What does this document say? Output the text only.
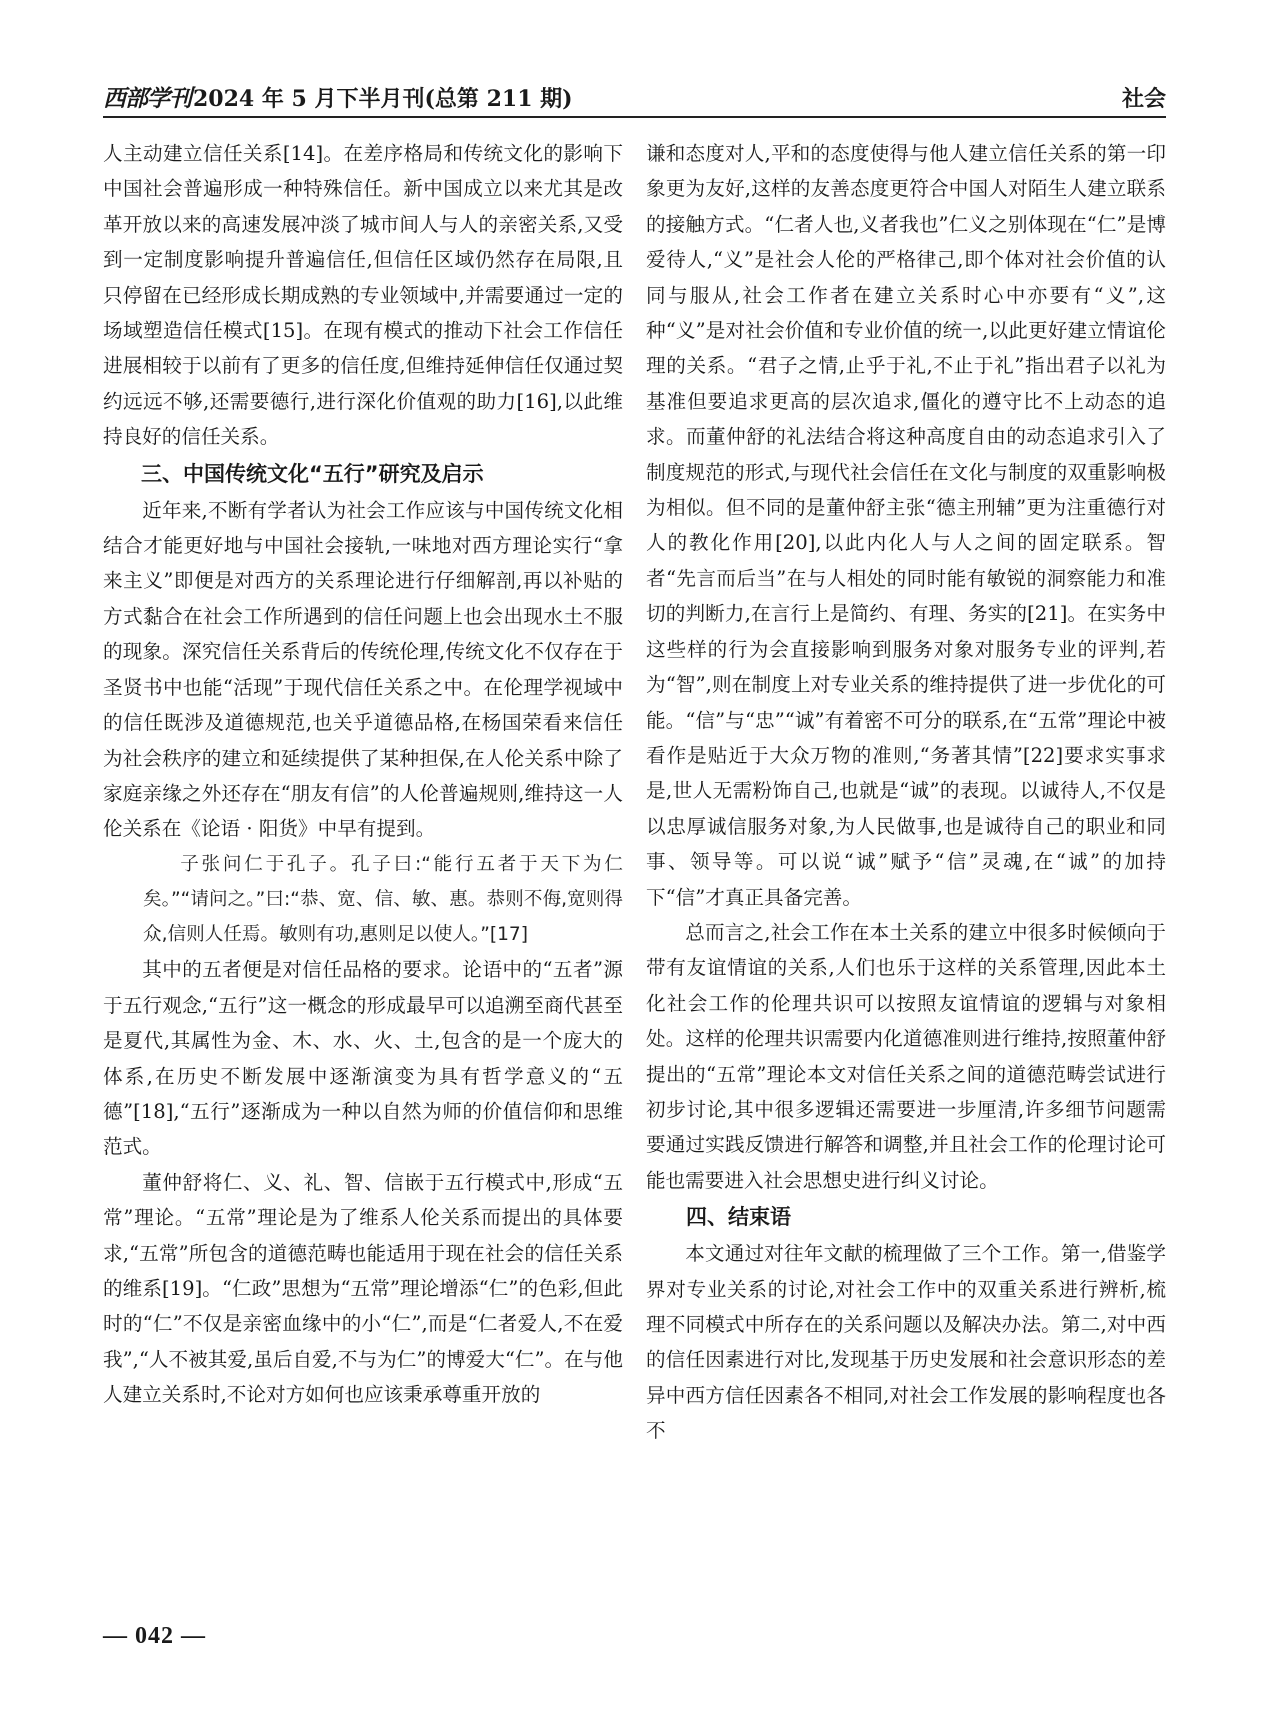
西部学刊2024 年 5 月下半月刊(总第 211 期)	社会

人主动建立信任关系[14]。在差序格局和传统文化的影响下中国社会普遍形成一种特殊信任。新中国成立以来尤其是改革开放以来的高速发展冲淡了城市间人与人的亲密关系,又受到一定制度影响提升普遍信任,但信任区域仍然存在局限,且只停留在已经形成长期成熟的专业领域中,并需要通过一定的场域塑造信任模式[15]。在现有模式的推动下社会工作信任进展相较于以前有了更多的信任度,但维持延伸信任仅通过契约远远不够,还需要德行,进行深化价值观的助力[16],以此维持良好的信任关系。

三、中国传统文化“五行”研究及启示

近年来,不断有学者认为社会工作应该与中国传统文化相结合才能更好地与中国社会接轨,一味地对西方理论实行“拿来主义”即便是对西方的关系理论进行仔细解剖,再以补贴的方式黏合在社会工作所遇到的信任问题上也会出现水土不服的现象。深究信任关系背后的传统伦理,传统文化不仅存在于圣贤书中也能“活现”于现代信任关系之中。在伦理学视域中的信任既涉及道德规范,也关乎道德品格,在杨国荣看来信任为社会秩序的建立和延续提供了某种担保,在人伦关系中除了家庭亲缘之外还存在“朋友有信”的人伦普遍规则,维持这一人伦关系在《论语 · 阳货》中早有提到。

子张问仁于孔子。孔子曰:“能行五者于天下为仁矣。”“请问之。”曰:“恭、宽、信、敏、惠。恭则不侮,宽则得众,信则人任焉。敏则有功,惠则足以使人。”[17]

其中的五者便是对信任品格的要求。论语中的“五者”源于五行观念,“五行”这一概念的形成最早可以追溯至商代甚至是夏代,其属性为金、木、水、火、土,包含的是一个庞大的体系,在历史不断发展中逐渐演变为具有哲学意义的“五德”[18],“五行”逐渐成为一种以自然为师的价值信仰和思维范式。

董仲舒将仁、义、礼、智、信嵌于五行模式中,形成“五常”理论。“五常”理论是为了维系人伦关系而提出的具体要求,“五常”所包含的道德范畴也能适用于现在社会的信任关系的维系[19]。“仁政”思想为“五常”理论增添“仁”的色彩,但此时的“仁”不仅是亲密血缘中的小“仁”,而是“仁者爱人,不在爱我”,“人不被其爱,虽后自爱,不与为仁”的博爱大“仁”。在与他人建立关系时,不论对方如何也应该秉承尊重开放的

谦和态度对人,平和的态度使得与他人建立信任关系的第一印象更为友好,这样的友善态度更符合中国人对陌生人建立联系的接触方式。“仁者人也,义者我也”仁义之别体现在“仁”是博爱待人,“义”是社会人伦的严格律己,即个体对社会价值的认同与服从,社会工作者在建立关系时心中亦要有“义”,这种“义”是对社会价值和专业价值的统一,以此更好建立情谊伦理的关系。“君子之情,止乎于礼,不止于礼”指出君子以礼为基准但要追求更高的层次追求,僵化的遵守比不上动态的追求。而董仲舒的礼法结合将这种高度自由的动态追求引入了制度规范的形式,与现代社会信任在文化与制度的双重影响极为相似。但不同的是董仲舒主张“德主刑辅”更为注重德行对人的教化作用[20],以此内化人与人之间的固定联系。智者“先言而后当”在与人相处的同时能有敏锐的洞察能力和准切的判断力,在言行上是简约、有理、务实的[21]。在实务中这些样的行为会直接影响到服务对象对服务专业的评判,若为“智”,则在制度上对专业关系的维持提供了进一步优化的可能。“信”与“忠”“诚”有着密不可分的联系,在“五常”理论中被看作是贴近于大众万物的准则,“务著其情”[22]要求实事求是,世人无需粉饰自己,也就是“诚”的表现。以诚待人,不仅是以忠厚诚信服务对象,为人民做事,也是诚待自己的职业和同事、领导等。可以说“诚”赋予“信”灵魂,在“诚”的加持下“信”才真正具备完善。

总而言之,社会工作在本土关系的建立中很多时候倾向于带有友谊情谊的关系,人们也乐于这样的关系管理,因此本土化社会工作的伦理共识可以按照友谊情谊的逻辑与对象相处。这样的伦理共识需要内化道德准则进行维持,按照董仲舒提出的“五常”理论本文对信任关系之间的道德范畴尝试进行初步讨论,其中很多逻辑还需要进一步厘清,许多细节问题需要通过实践反馈进行解答和调整,并且社会工作的伦理讨论可能也需要进入社会思想史进行纠义讨论。

四、结束语

本文通过对往年文献的梳理做了三个工作。第一,借鉴学界对专业关系的讨论,对社会工作中的双重关系进行辨析,梳理不同模式中所存在的关系问题以及解决办法。第二,对中西的信任因素进行对比,发现基于历史发展和社会意识形态的差异中西方信任因素各不相同,对社会工作发展的影响程度也各不

— 042 —
